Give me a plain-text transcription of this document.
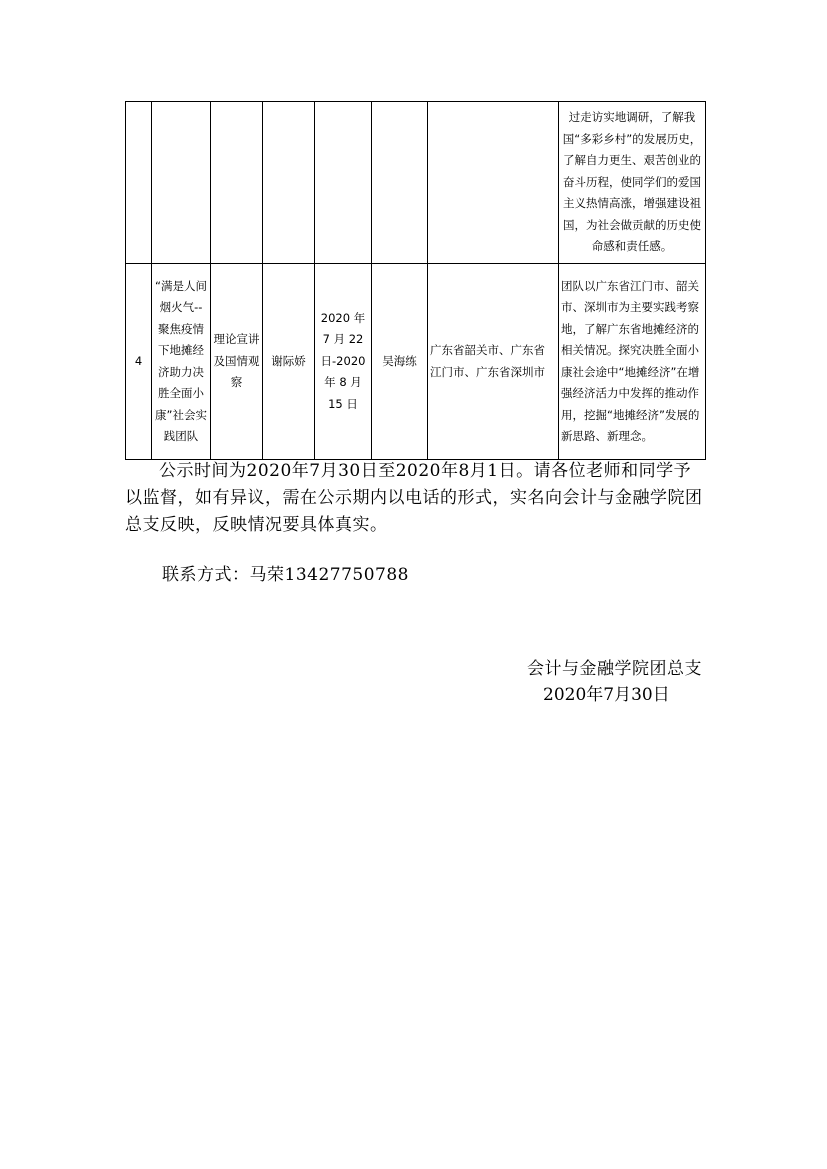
							过走访实地调研，了解我国“多彩乡村”的发展历史，了解自力更生、艰苦创业的奋斗历程，使同学们的爱国主义热情高涨，增强建设祖国，为社会做贡献的历史使命感和责任感。
4	“满是人间烟火气--聚焦疫情下地摊经济助力决胜全面小康”社会实践团队	理论宣讲及国情观察	谢际娇	2020 年 7 月 22 日-2020 年 8 月 15 日	吴海练	广东省韶关市、广东省江门市、广东省深圳市	团队以广东省江门市、韶关市、深圳市为主要实践考察地，了解广东省地摊经济的相关情况。探究决胜全面小康社会途中“地摊经济”在增强经济活力中发挥的推动作用，挖掘“地摊经济”发展的新思路、新理念。
公示时间为2020年7月30日至2020年8月1日。请各位老师和同学予以监督，如有异议，需在公示期内以电话的形式，实名向会计与金融学院团总支反映，反映情况要具体真实。
联系方式：马荣13427750788
会计与金融学院团总支
2020年7月30日
